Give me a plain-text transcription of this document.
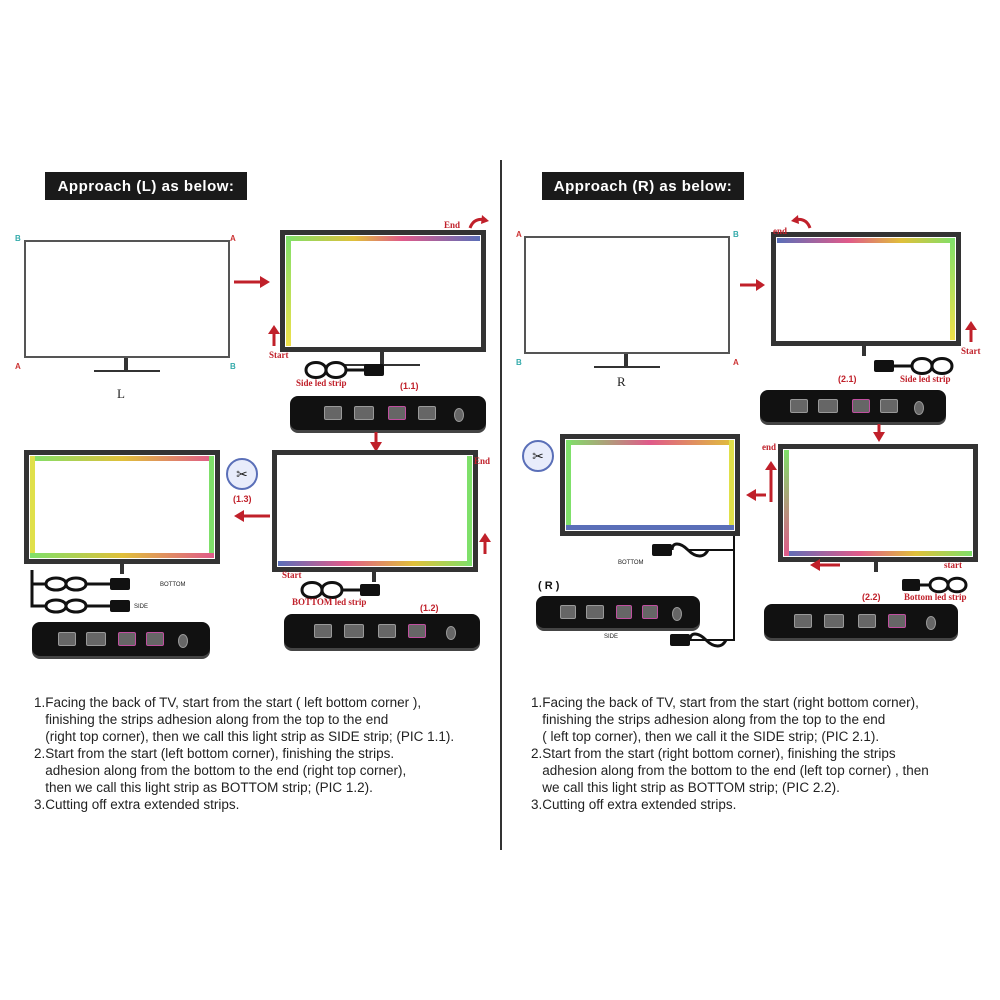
Approach (L) as below:
B	A
A	B
L
End
Start
Side led strip	(1.1)
End
Start
BOTTOM led strip
(1.2)
✂
(1.3)
BOTTOM
SIDE

1.Facing the back of TV, start from the start ( left bottom corner ),

finishing the strips adhesion along from the top to the end

(right top corner), then we call this light strip as SIDE strip; (PIC 1.1).

2.Start from the start (left bottom corner), finishing the strips.

adhesion along from the bottom to the end (right top corner),

then we call this light strip as BOTTOM strip; (PIC 1.2).

3.Cutting off extra extended strips.

Approach (R) as below:
A	B
B	A
R
end
Start
(2.1)	Side led strip
end
start
(2.2)	Bottom led strip
✂
BOTTOM
( R )
SIDE

1.Facing the back of TV, start from the start (right bottom corner),

finishing the strips adhesion along from the top to the end

( left top corner), then we call it the SIDE strip; (PIC 2.1).

2.Start from the start (right bottom corner), finishing the strips

adhesion along from the bottom to the end (left top corner) , then

we call this light strip as BOTTOM strip; (PIC 2.2).

3.Cutting off extra extended strips.
